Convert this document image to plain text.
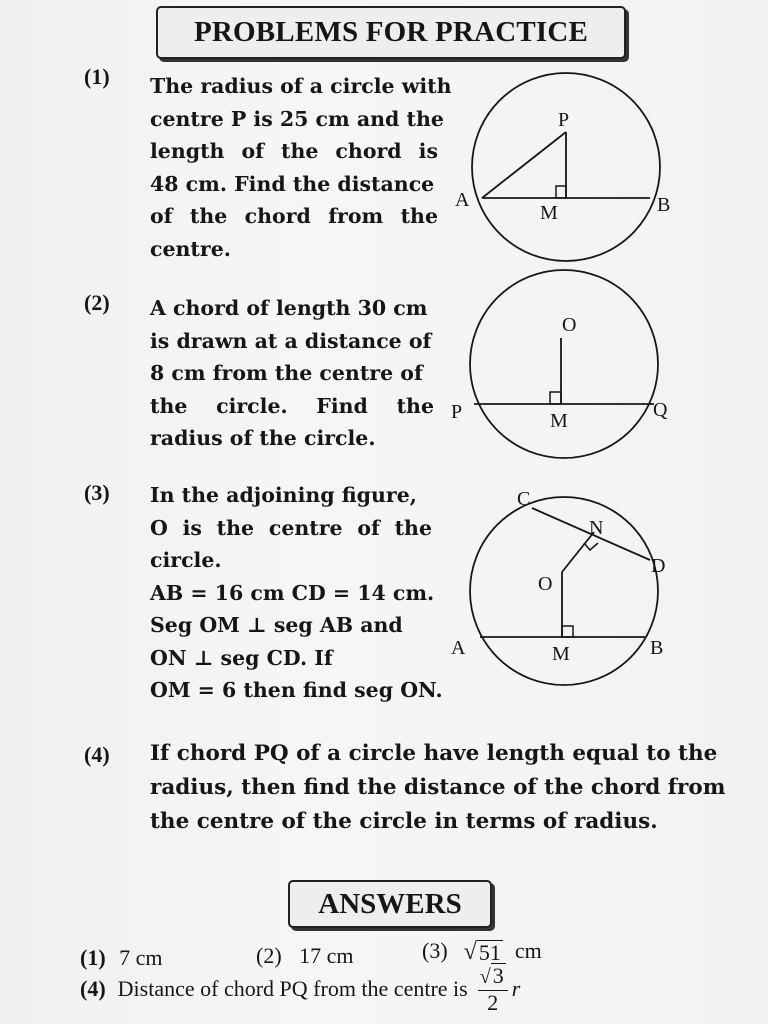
PROBLEMS FOR PRACTICE
(1) The radius of a circle with
centre P is 25 cm and the
length of the chord is
48 cm. Find the distance
of the chord from the
centre.
P
A	B
M
(2) A chord of length 30 cm
is drawn at a distance of
8 cm from the centre of
the circle. Find the
radius of the circle.
O
P	Q
M
(3) In the adjoining figure,
O is the centre of the
circle.
AB = 16 cm CD = 14 cm.
Seg OM ⊥ seg AB and
ON ⊥ seg CD. If
OM = 6 then find seg ON.
C
N
D
O
A	B
M
(4) If chord PQ of a circle have length equal to the
radius, then find the distance of the chord from
the centre of the circle in terms of radius.
ANSWERS
(1) 7 cm	(2) 17 cm	(3) √ 51 cm
(4) Distance of chord PQ from the centre is $\frac{√ 3}{2}$ r
